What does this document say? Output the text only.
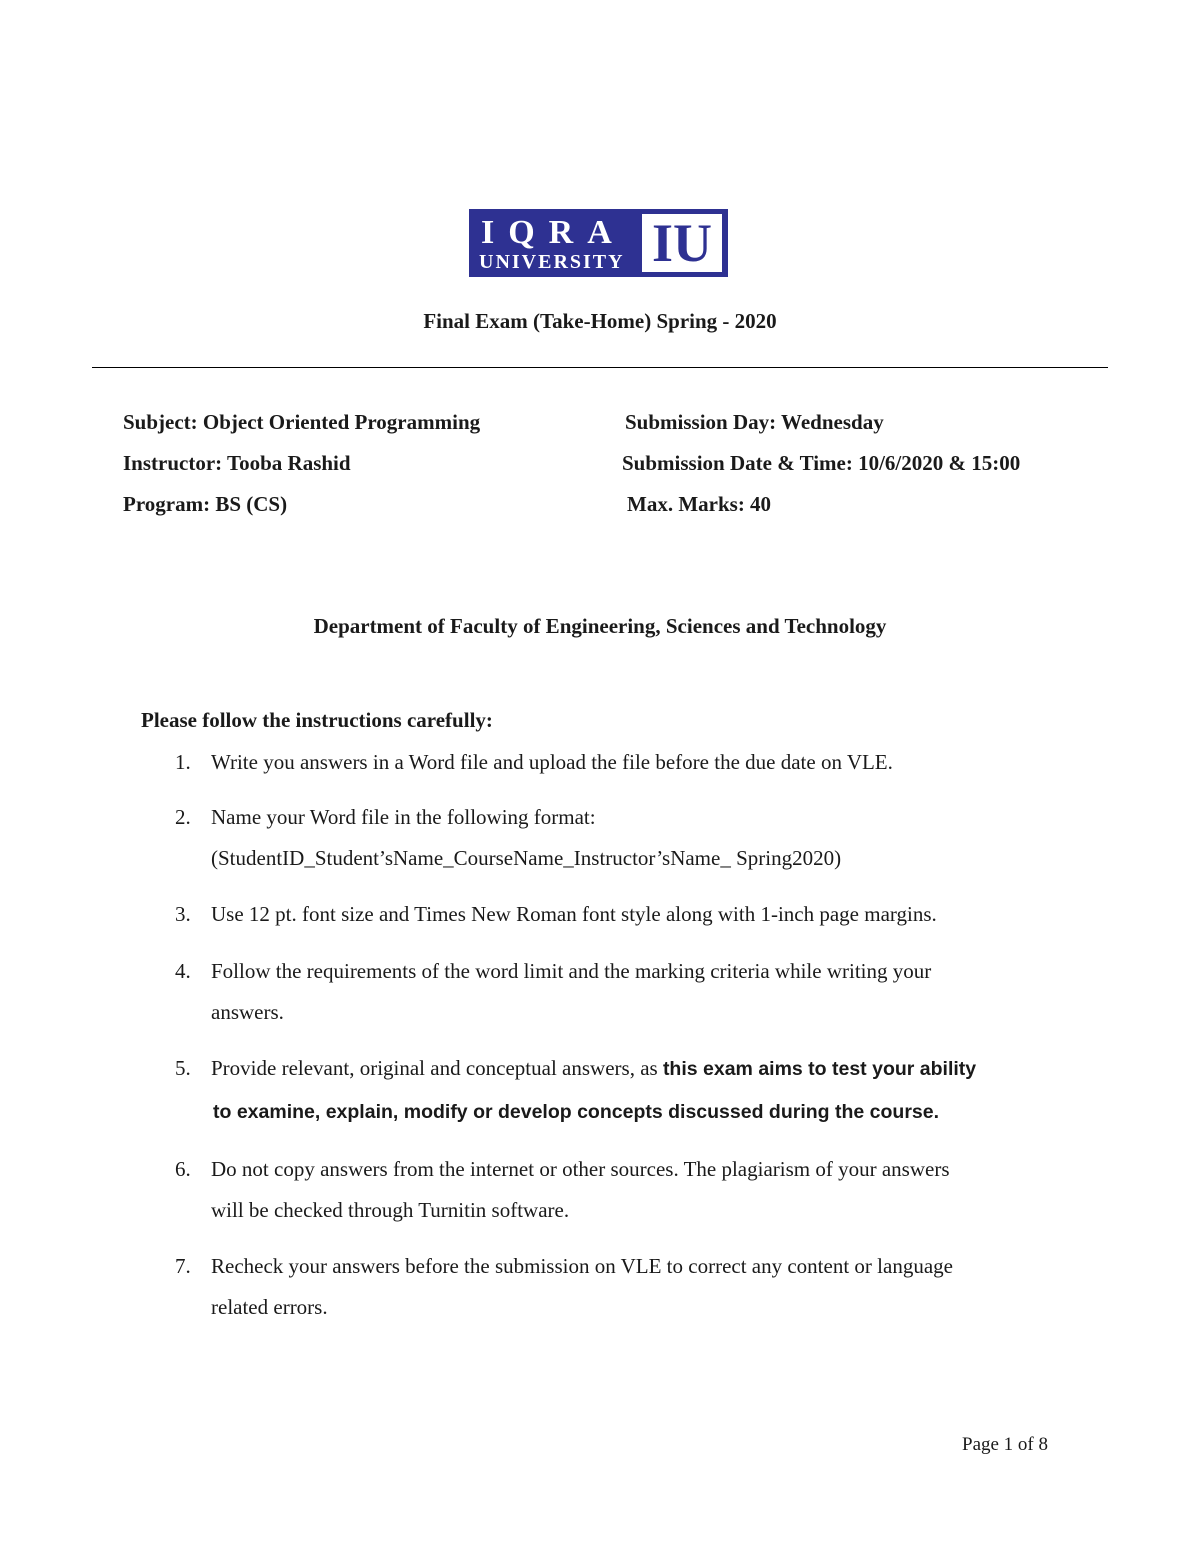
IQRA
UNIVERSITY IU
Final Exam (Take-Home) Spring - 2020
Subject: Object Oriented Programming
Instructor: Tooba Rashid
Program: BS (CS)
Submission Day: Wednesday
Submission Date & Time: 10/6/2020 & 15:00
Max. Marks: 40
Department of Faculty of Engineering, Sciences and Technology
Please follow the instructions carefully:
1. Write you answers in a Word file and upload the file before the due date on VLE.
2. Name your Word file in the following format:
(StudentID_Student’sName_CourseName_Instructor’sName_ Spring2020)
3. Use 12 pt. font size and Times New Roman font style along with 1-inch page margins.
4. Follow the requirements of the word limit and the marking criteria while writing your
answers.
5. Provide relevant, original and conceptual answers, as this exam aims to test your ability
to examine, explain, modify or develop concepts discussed during the course.
6. Do not copy answers from the internet or other sources. The plagiarism of your answers
will be checked through Turnitin software.
7. Recheck your answers before the submission on VLE to correct any content or language
related errors.
Page 1 of 8
